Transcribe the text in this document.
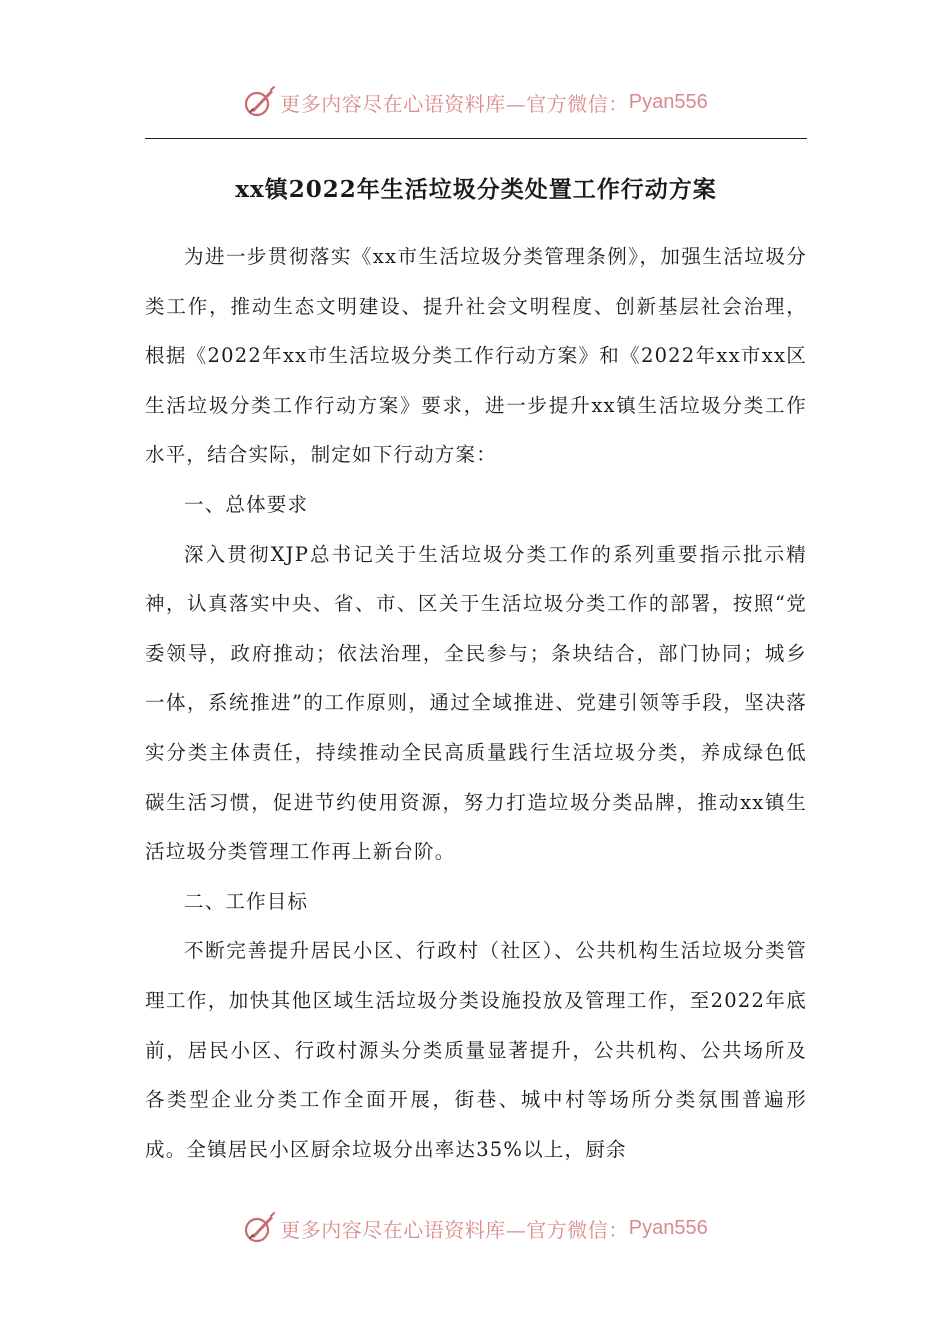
更多内容尽在心语资料库—官方微信： Pyan556
xx镇2022年生活垃圾分类处置工作行动方案

为进一步贯彻落实《xx市生活垃圾分类管理条例》，加强生活垃圾分类工作，推动生态文明建设、提升社会文明程度、创新基层社会治理，根据《2022年xx市生活垃圾分类工作行动方案》和《2022年xx市xx区生活垃圾分类工作行动方案》要求，进一步提升xx镇生活垃圾分类工作水平，结合实际，制定如下行动方案：

一、总体要求

深入贯彻XJP总书记关于生活垃圾分类工作的系列重要指示批示精神，认真落实中央、省、市、区关于生活垃圾分类工作的部署，按照“党委领导，政府推动；依法治理，全民参与；条块结合，部门协同；城乡一体，系统推进”的工作原则，通过全域推进、党建引领等手段，坚决落实分类主体责任，持续推动全民高质量践行生活垃圾分类，养成绿色低碳生活习惯，促进节约使用资源，努力打造垃圾分类品牌，推动xx镇生活垃圾分类管理工作再上新台阶。

二、工作目标

不断完善提升居民小区、行政村（社区）、公共机构生活垃圾分类管理工作，加快其他区域生活垃圾分类设施投放及管理工作，至2022年底前，居民小区、行政村源头分类质量显著提升，公共机构、公共场所及各类型企业分类工作全面开展，街巷、城中村等场所分类氛围普遍形成。全镇居民小区厨余垃圾分出率达35%以上，厨余

更多内容尽在心语资料库—官方微信： Pyan556
